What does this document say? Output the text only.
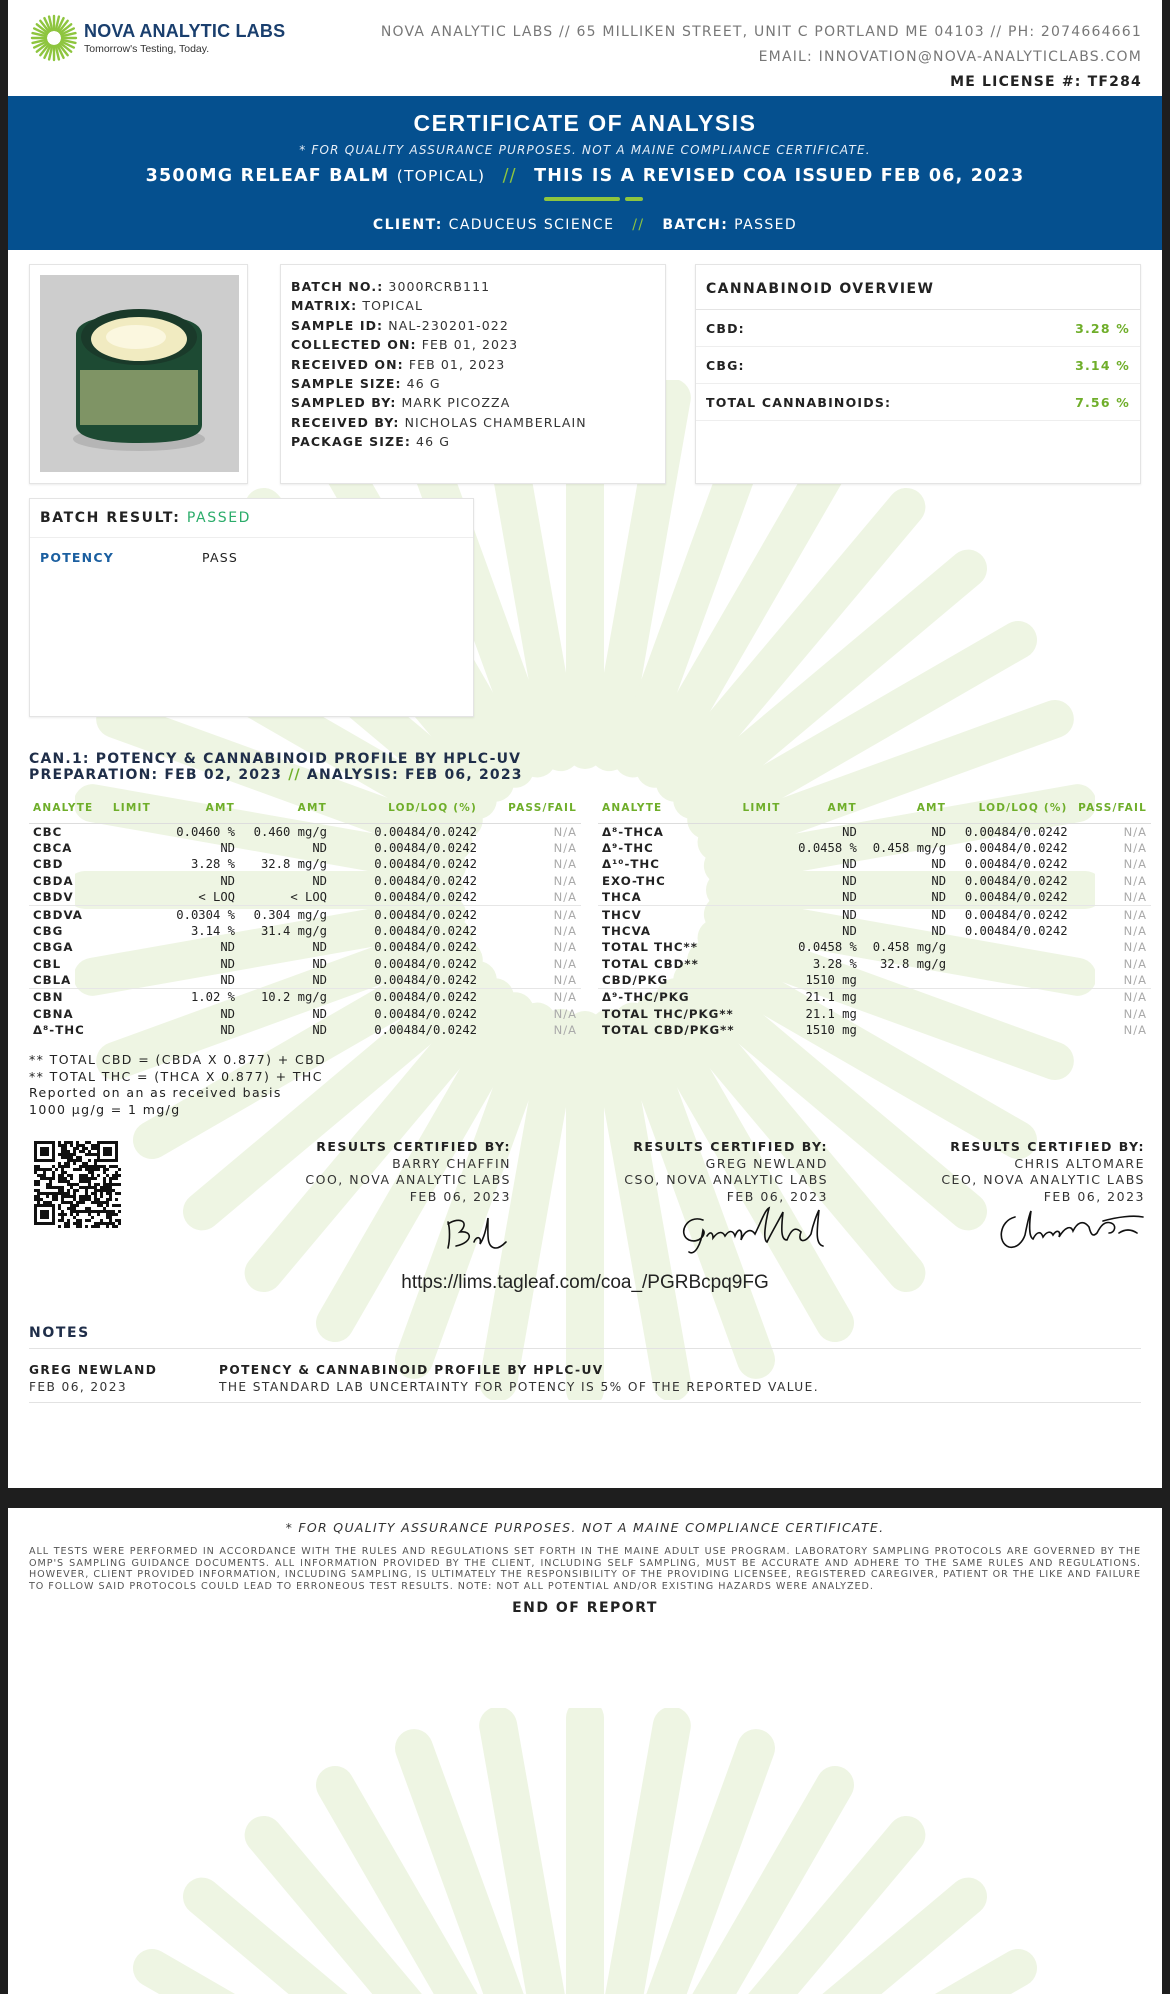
NOVA ANALYTIC LABS
Tomorrow's Testing, Today.
NOVA ANALYTIC LABS // 65 MILLIKEN STREET, UNIT C PORTLAND ME 04103 // PH: 2074664661
EMAIL: INNOVATION@NOVA-ANALYTICLABS.COM
ME LICENSE #: TF284
CERTIFICATE OF ANALYSIS
* FOR QUALITY ASSURANCE PURPOSES. NOT A MAINE COMPLIANCE CERTIFICATE.
3500MG RELEAF BALM (TOPICAL) // THIS IS A REVISED COA ISSUED FEB 06, 2023
CLIENT: CADUCEUS SCIENCE // BATCH: PASSED
BATCH NO.: 3000RCRB111
MATRIX: TOPICAL
SAMPLE ID: NAL-230201-022
COLLECTED ON: FEB 01, 2023
RECEIVED ON: FEB 01, 2023
SAMPLE SIZE: 46 G
SAMPLED BY: MARK PICOZZA
RECEIVED BY: NICHOLAS CHAMBERLAIN
PACKAGE SIZE: 46 G
CANNABINOID OVERVIEW
CBD:	3.28 %
CBG:	3.14 %
TOTAL CANNABINOIDS:	7.56 %
BATCH RESULT: PASSED
POTENCY	PASS
CAN.1: POTENCY & CANNABINOID PROFILE BY HPLC-UV
PREPARATION: FEB 02, 2023 // ANALYSIS: FEB 06, 2023
ANALYTE	LIMIT	AMT	AMT	LOD/LOQ (%)	PASS/FAIL
CBC		0.0460 %	0.460 mg/g	0.00484/0.0242	N/A
CBCA		ND	ND	0.00484/0.0242	N/A
CBD		3.28 %	32.8 mg/g	0.00484/0.0242	N/A
CBDA		ND	ND	0.00484/0.0242	N/A
CBDV		< LOQ	< LOQ	0.00484/0.0242	N/A
CBDVA		0.0304 %	0.304 mg/g	0.00484/0.0242	N/A
CBG		3.14 %	31.4 mg/g	0.00484/0.0242	N/A
CBGA		ND	ND	0.00484/0.0242	N/A
CBL		ND	ND	0.00484/0.0242	N/A
CBLA		ND	ND	0.00484/0.0242	N/A
CBN		1.02 %	10.2 mg/g	0.00484/0.0242	N/A
CBNA		ND	ND	0.00484/0.0242	N/A
Δ⁸-THC		ND	ND	0.00484/0.0242	N/A
ANALYTE	LIMIT	AMT	AMT	LOD/LOQ (%)	PASS/FAIL
Δ⁸-THCA		ND	ND	0.00484/0.0242	N/A
Δ⁹-THC		0.0458 %	0.458 mg/g	0.00484/0.0242	N/A
Δ¹⁰-THC		ND	ND	0.00484/0.0242	N/A
EXO-THC		ND	ND	0.00484/0.0242	N/A
THCA		ND	ND	0.00484/0.0242	N/A
THCV		ND	ND	0.00484/0.0242	N/A
THCVA		ND	ND	0.00484/0.0242	N/A
TOTAL THC**		0.0458 %	0.458 mg/g		N/A
TOTAL CBD**		3.28 %	32.8 mg/g		N/A
CBD/PKG		1510 mg			N/A
Δ⁹-THC/PKG		21.1 mg			N/A
TOTAL THC/PKG**		21.1 mg			N/A
TOTAL CBD/PKG**		1510 mg			N/A
** TOTAL CBD = (CBDA X 0.877) + CBD
** TOTAL THC = (THCA X 0.877) + THC
Reported on an as received basis
1000 µg/g = 1 mg/g
RESULTS CERTIFIED BY:
BARRY CHAFFIN
COO, NOVA ANALYTIC LABS
FEB 06, 2023
RESULTS CERTIFIED BY:
GREG NEWLAND
CSO, NOVA ANALYTIC LABS
FEB 06, 2023
RESULTS CERTIFIED BY:
CHRIS ALTOMARE
CEO, NOVA ANALYTIC LABS
FEB 06, 2023
https://lims.tagleaf.com/coa_/PGRBcpq9FG
NOTES
GREG NEWLAND
FEB 06, 2023
POTENCY & CANNABINOID PROFILE BY HPLC-UV
THE STANDARD LAB UNCERTAINTY FOR POTENCY IS 5% OF THE REPORTED VALUE.
* FOR QUALITY ASSURANCE PURPOSES. NOT A MAINE COMPLIANCE CERTIFICATE.
ALL TESTS WERE PERFORMED IN ACCORDANCE WITH THE RULES AND REGULATIONS SET FORTH IN THE MAINE ADULT USE PROGRAM. LABORATORY SAMPLING PROTOCOLS ARE GOVERNED BY THE OMP'S SAMPLING GUIDANCE DOCUMENTS. ALL INFORMATION PROVIDED BY THE CLIENT, INCLUDING SELF SAMPLING, MUST BE ACCURATE AND ADHERE TO THE SAME RULES AND REGULATIONS. HOWEVER, CLIENT PROVIDED INFORMATION, INCLUDING SAMPLING, IS ULTIMATELY THE RESPONSIBILITY OF THE PROVIDING LICENSEE, REGISTERED CAREGIVER, PATIENT OR THE LIKE AND FAILURE TO FOLLOW SAID PROTOCOLS COULD LEAD TO ERRONEOUS TEST RESULTS. NOTE: NOT ALL POTENTIAL AND/OR EXISTING HAZARDS WERE ANALYZED.
END OF REPORT
